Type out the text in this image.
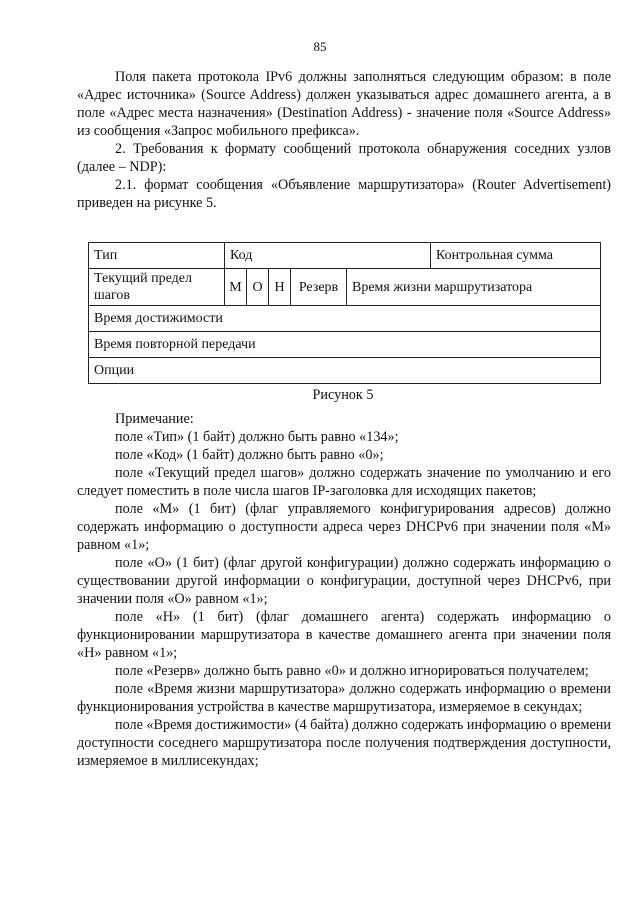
85

Поля пакета протокола IPv6 должны заполняться следующим образом: в поле «Адрес источника» (Source Address) должен указываться адрес домашнего агента, а в поле «Адрес места назначения» (Destination Address) - значение поля «Source Address» из сообщения «Запрос мобильного префикса».

2. Требования к формату сообщений протокола обнаружения соседних узлов (далее – NDP):

2.1. формат сообщения «Объявление маршрутизатора» (Router Advertisement) приведен на рисунке 5.

Тип	Код					Контрольная сумма
Текущий предел шагов	М	О	Н	Резерв	Время жизни маршрутизатора	
Время достижимости						
Время повторной передачи						
Опции						
Рисунок 5

Примечание:

поле «Тип» (1 байт) должно быть равно «134»;

поле «Код» (1 байт) должно быть равно «0»;

поле «Текущий предел шагов» должно содержать значение по умолчанию и его следует поместить в поле числа шагов IP-заголовка для исходящих пакетов;

поле «М» (1 бит) (флаг управляемого конфигурирования адресов) должно содержать информацию о доступности адреса через DHCPv6 при значении поля «М» равном «1»;

поле «О» (1 бит) (флаг другой конфигурации) должно содержать информацию о существовании другой информации о конфигурации, доступной через DHCPv6, при значении поля «О» равном «1»;

поле «Н» (1 бит) (флаг домашнего агента) содержать информацию о функционировании маршрутизатора в качестве домашнего агента при значении поля «Н» равном «1»;

поле «Резерв» должно быть равно «0» и должно игнорироваться получателем;

поле «Время жизни маршрутизатора» должно содержать информацию о времени функционирования устройства в качестве маршрутизатора, измеряемое в секундах;

поле «Время достижимости» (4 байта) должно содержать информацию о времени доступности соседнего маршрутизатора после получения подтверждения доступности, измеряемое в миллисекундах;
